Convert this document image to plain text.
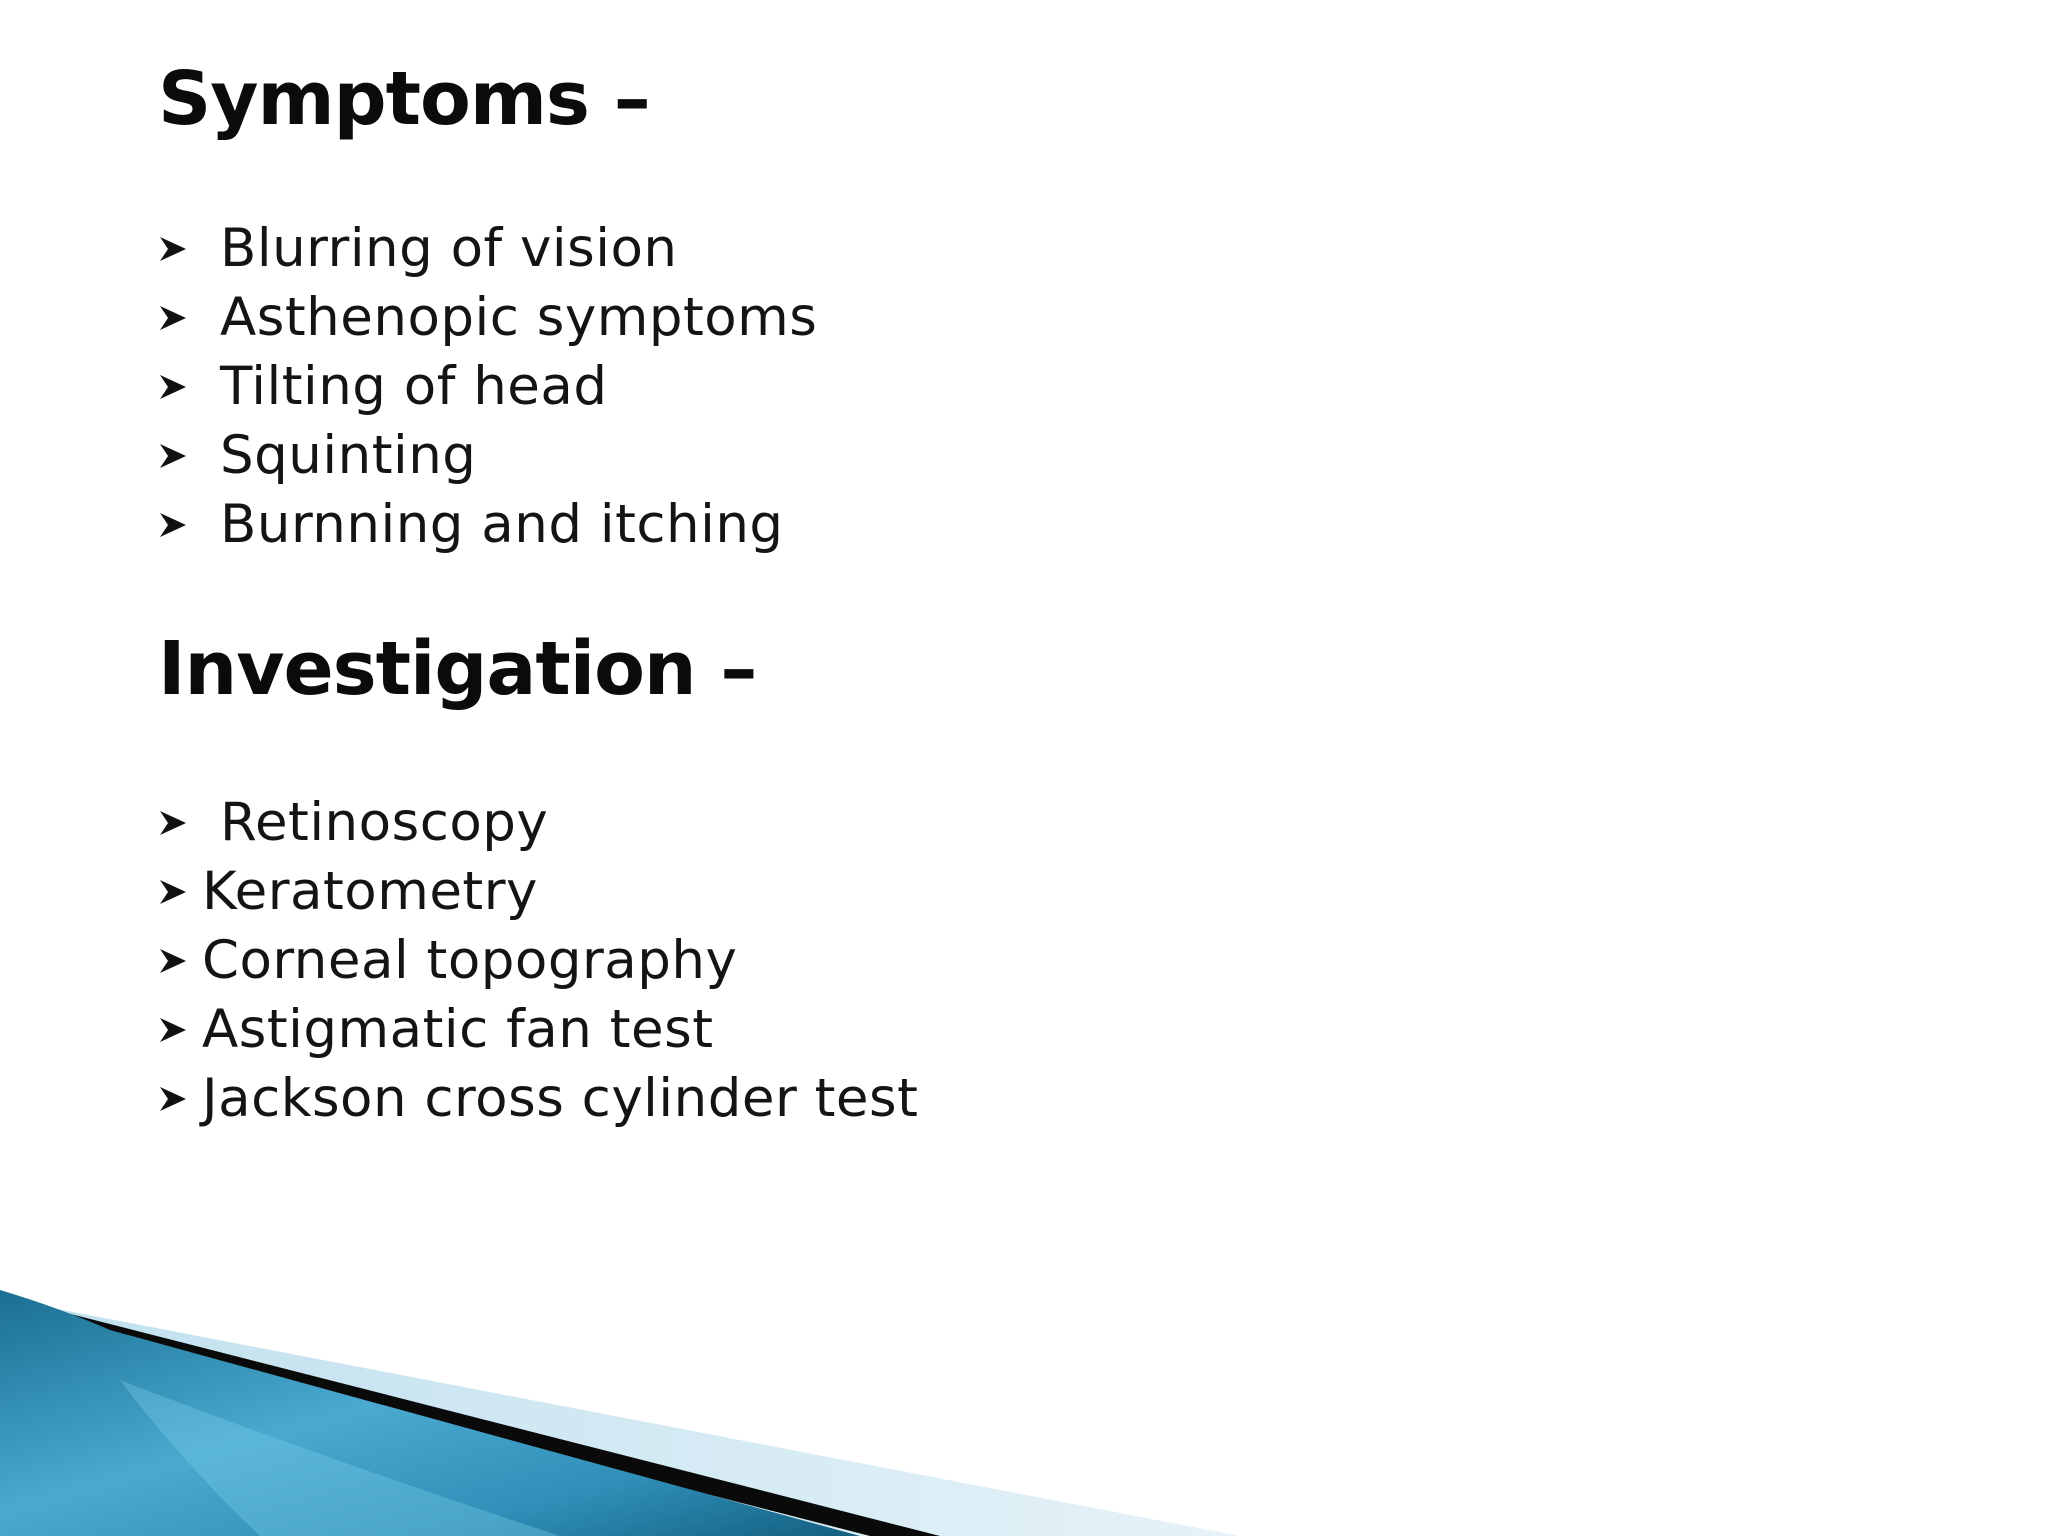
Symptoms –
Blurring of vision
Asthenopic symptoms
Tilting of head
Squinting
Burnning and itching
Investigation –
Retinoscopy
Keratometry
Corneal topography
Astigmatic fan test
Jackson cross cylinder test
